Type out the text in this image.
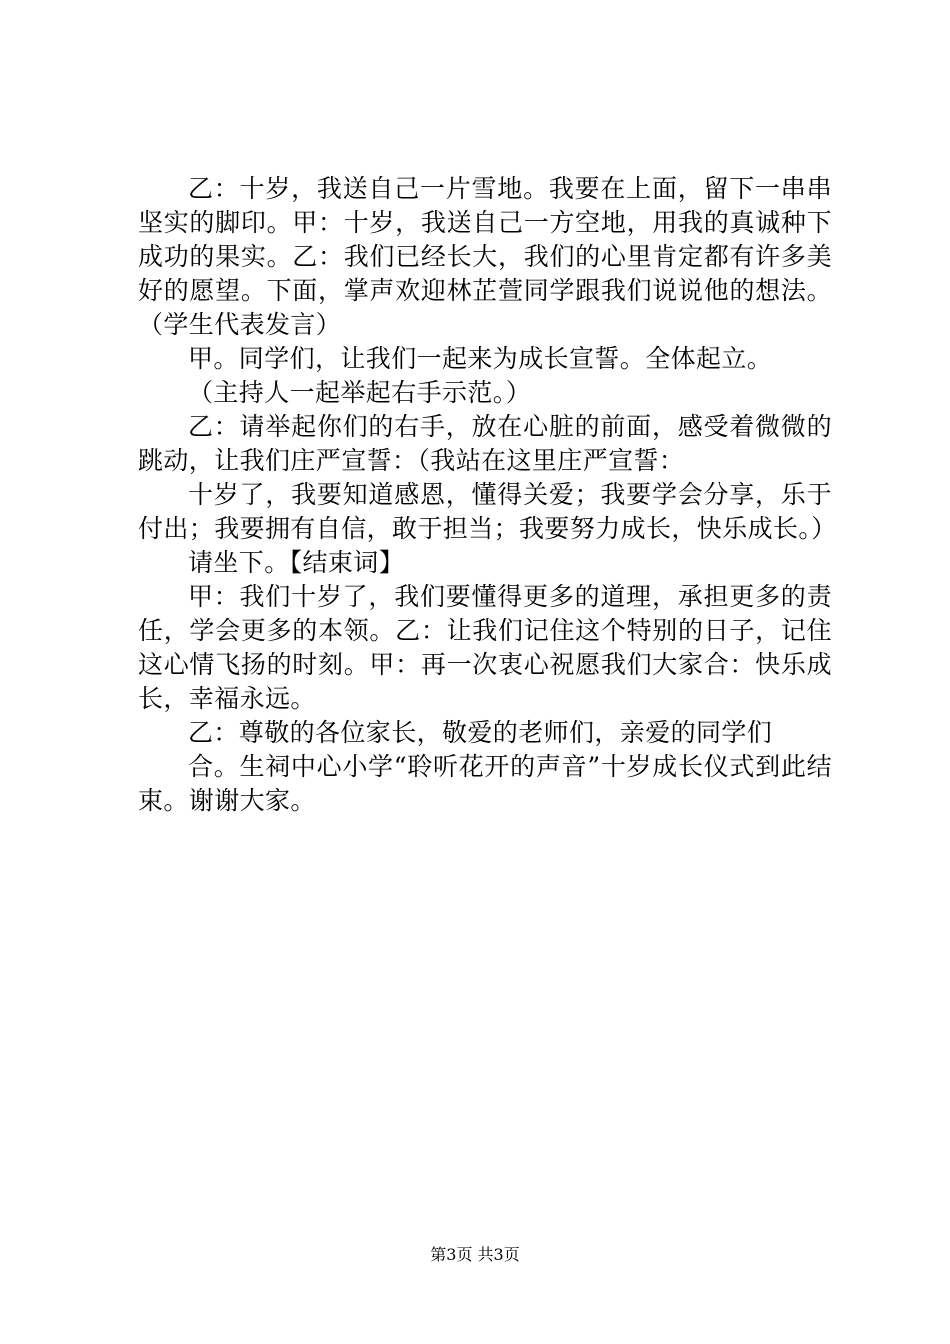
乙：十岁，我送自己一片雪地。我要在上面，留下一串串坚实的脚印。甲：十岁，我送自己一方空地，用我的真诚种下成功的果实。乙：我们已经长大，我们的心里肯定都有许多美好的愿望。下面，掌声欢迎林芷萱同学跟我们说说他的想法。（学生代表发言）

甲。同学们，让我们一起来为成长宣誓。全体起立。

（主持人一起举起右手示范。）

乙：请举起你们的右手，放在心脏的前面，感受着微微的跳动，让我们庄严宣誓：（我站在这里庄严宣誓：

十岁了，我要知道感恩，懂得关爱；我要学会分享，乐于付出；我要拥有自信，敢于担当；我要努力成长，快乐成长。）

请坐下。【结束词】

甲：我们十岁了，我们要懂得更多的道理，承担更多的责任，学会更多的本领。乙：让我们记住这个特别的日子，记住这心情飞扬的时刻。甲：再一次衷心祝愿我们大家合：快乐成长，幸福永远。

乙：尊敬的各位家长，敬爱的老师们，亲爱的同学们

合。生祠中心小学“聆听花开的声音”十岁成长仪式到此结束。谢谢大家。

第3页 共3页
